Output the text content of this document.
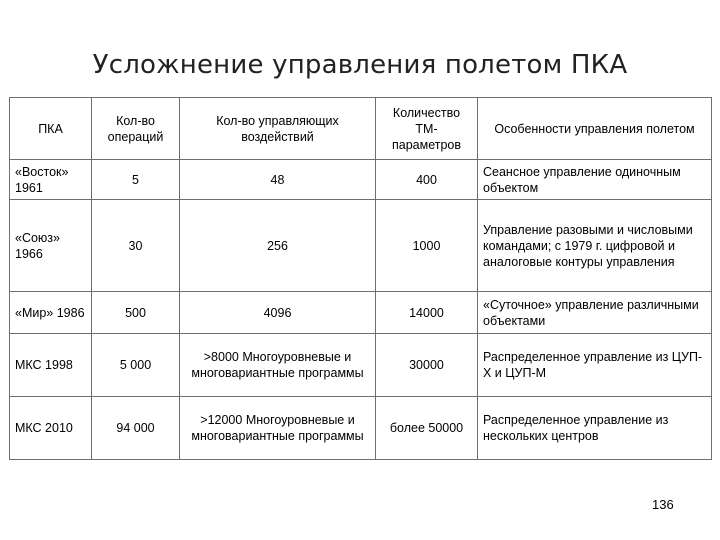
Усложнение управления полетом ПКА
ПКА	Кол-во операций	Кол-во управляющих воздействий	Количество ТМ-параметров	Особенности управления полетом
«Восток» 1961	5	48	400	Сеансное управление одиночным объектом
«Союз» 1966	30	256	1000	Управление разовыми и числовыми командами; с 1979 г. цифровой и аналоговые контуры управления
«Мир» 1986	500	4096	14000	«Суточное» управление различными объектами
МКС 1998	5 000	>8000 Многоуровневые и многовариантные программы	30000	Распределенное управление из ЦУП-Х и ЦУП-М
МКС 2010	94 000	>12000 Многоуровневые и многовариантные программы	более 50000	Распределенное управление из нескольких центров
136
